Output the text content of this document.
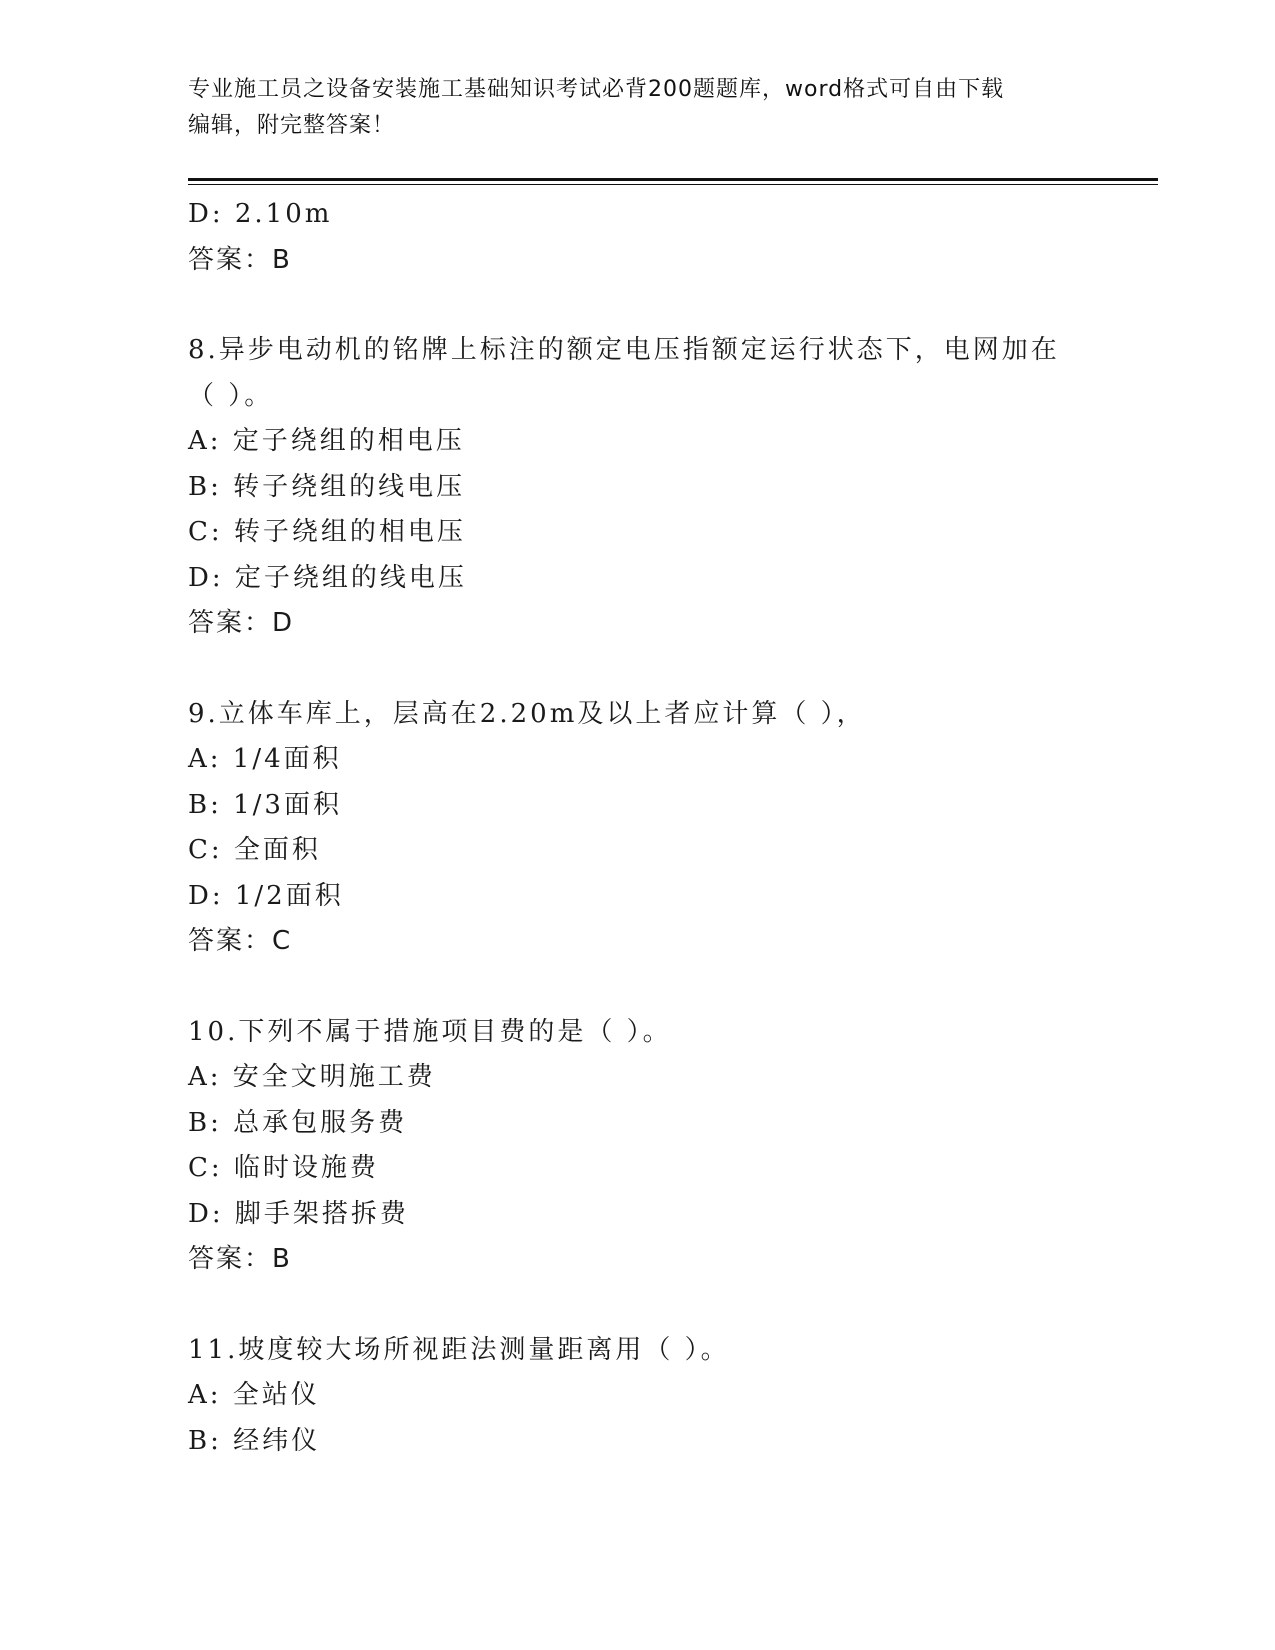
专业施工员之设备安装施工基础知识考试必背200题题库，word格式可自由下载
编辑，附完整答案！
D: 2.10m
答案：B
8.异步电动机的铭牌上标注的额定电压指额定运行状态下，电网加在
（ ）。
A: 定子绕组的相电压
B: 转子绕组的线电压
C: 转子绕组的相电压
D: 定子绕组的线电压
答案：D
9.立体车库上，层高在2.20m及以上者应计算（ ），
A: 1/4面积
B: 1/3面积
C: 全面积
D: 1/2面积
答案：C
10.下列不属于措施项目费的是（ ）。
A: 安全文明施工费
B: 总承包服务费
C: 临时设施费
D: 脚手架搭拆费
答案：B
11.坡度较大场所视距法测量距离用（ ）。
A: 全站仪
B: 经纬仪
